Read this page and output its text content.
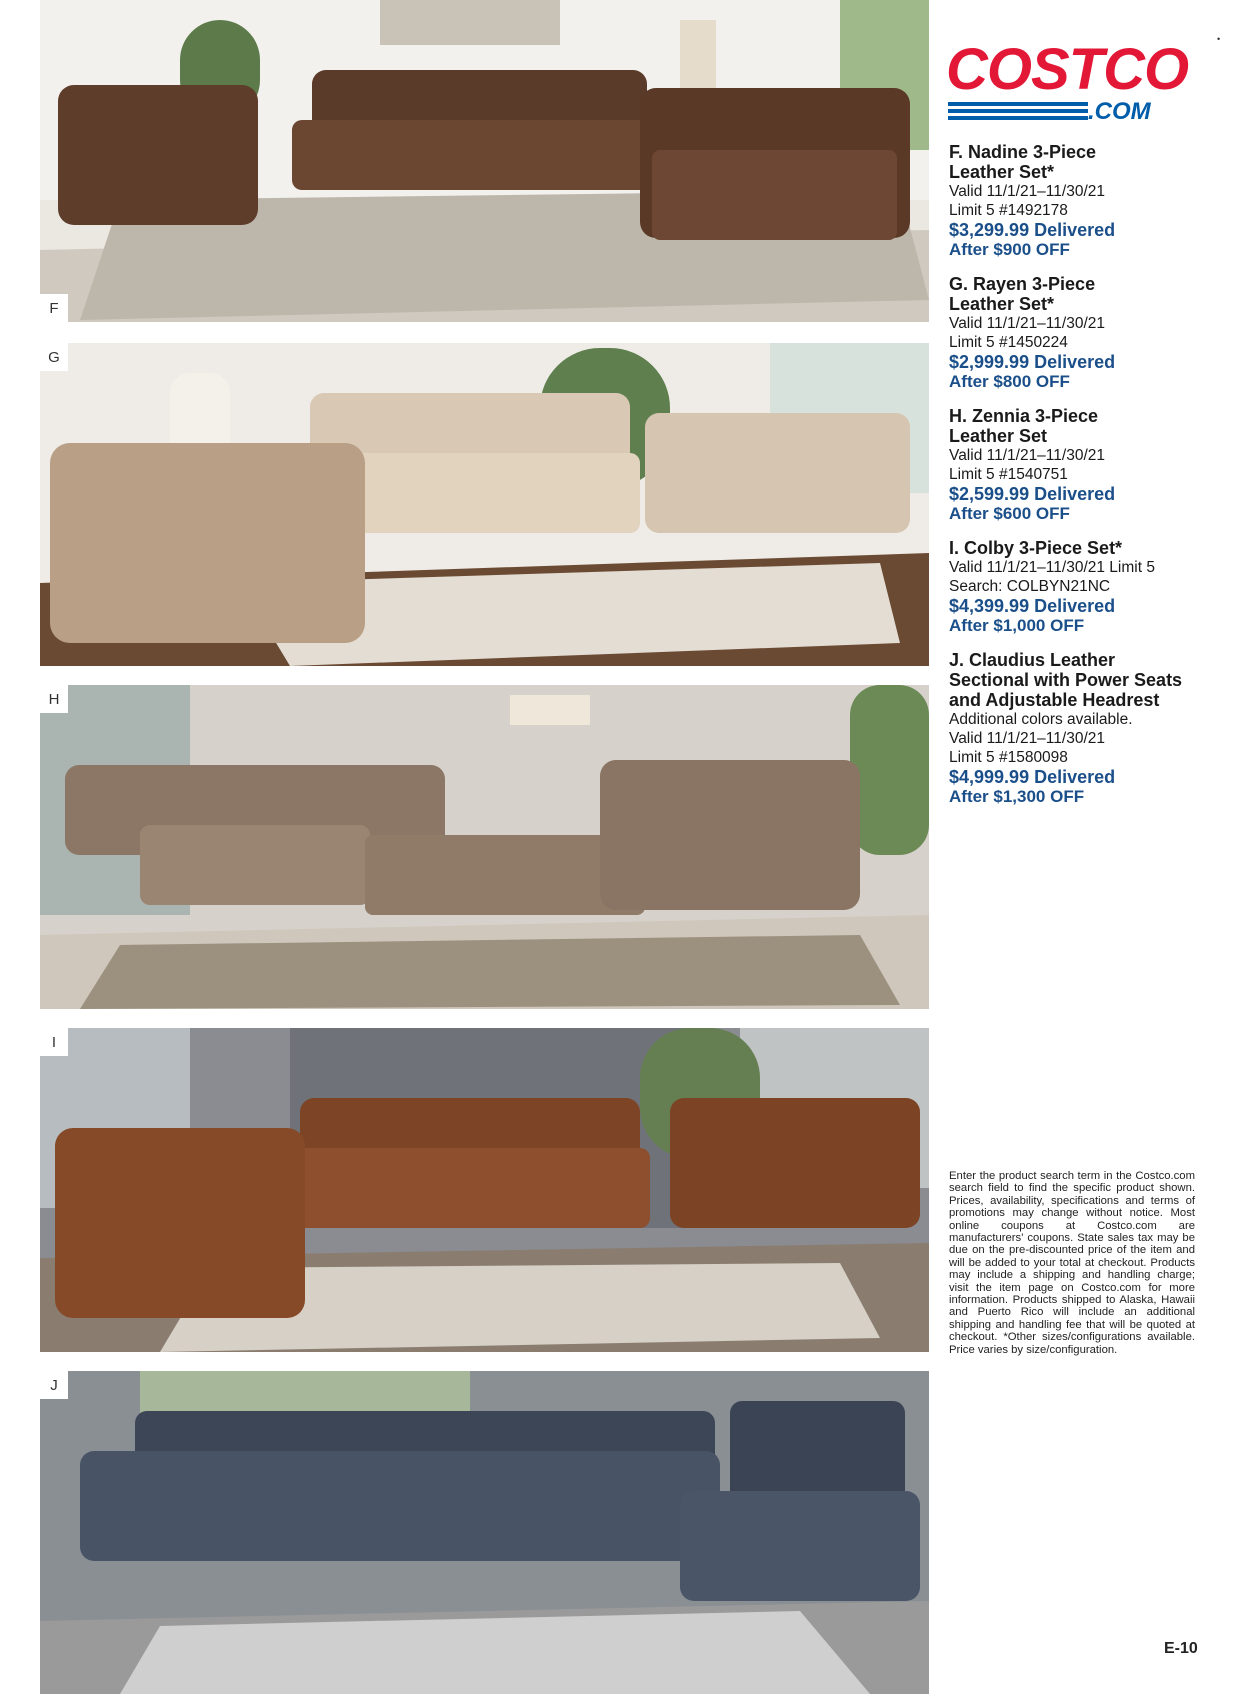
F
G
H
I
J
•
COSTCO
.COM
F. Nadine 3-Piece
Leather Set*
Valid 11/1/21–11/30/21
Limit 5 #1492178
$3,299.99 Delivered
After $900 OFF
G. Rayen 3-Piece
Leather Set*
Valid 11/1/21–11/30/21
Limit 5 #1450224
$2,999.99 Delivered
After $800 OFF
H. Zennia 3-Piece
Leather Set
Valid 11/1/21–11/30/21
Limit 5 #1540751
$2,599.99 Delivered
After $600 OFF
I. Colby 3-Piece Set*
Valid 11/1/21–11/30/21 Limit 5
Search: COLBYN21NC
$4,399.99 Delivered
After $1,000 OFF
J. Claudius Leather
Sectional with Power Seats
and Adjustable Headrest
Additional colors available.
Valid 11/1/21–11/30/21
Limit 5 #1580098
$4,999.99 Delivered
After $1,300 OFF
Enter the product search term in the Costco.com search field to find the specific product shown. Prices, availability, specifications and terms of promotions may change without notice. Most online coupons at Costco.com are manufacturers' coupons. State sales tax may be due on the pre-discounted price of the item and will be added to your total at checkout. Products may include a shipping and handling charge; visit the item page on Costco.com for more information. Products shipped to Alaska, Hawaii and Puerto Rico will include an additional shipping and handling fee that will be quoted at checkout. *Other sizes/configurations available. Price varies by size/configuration.
E-10
